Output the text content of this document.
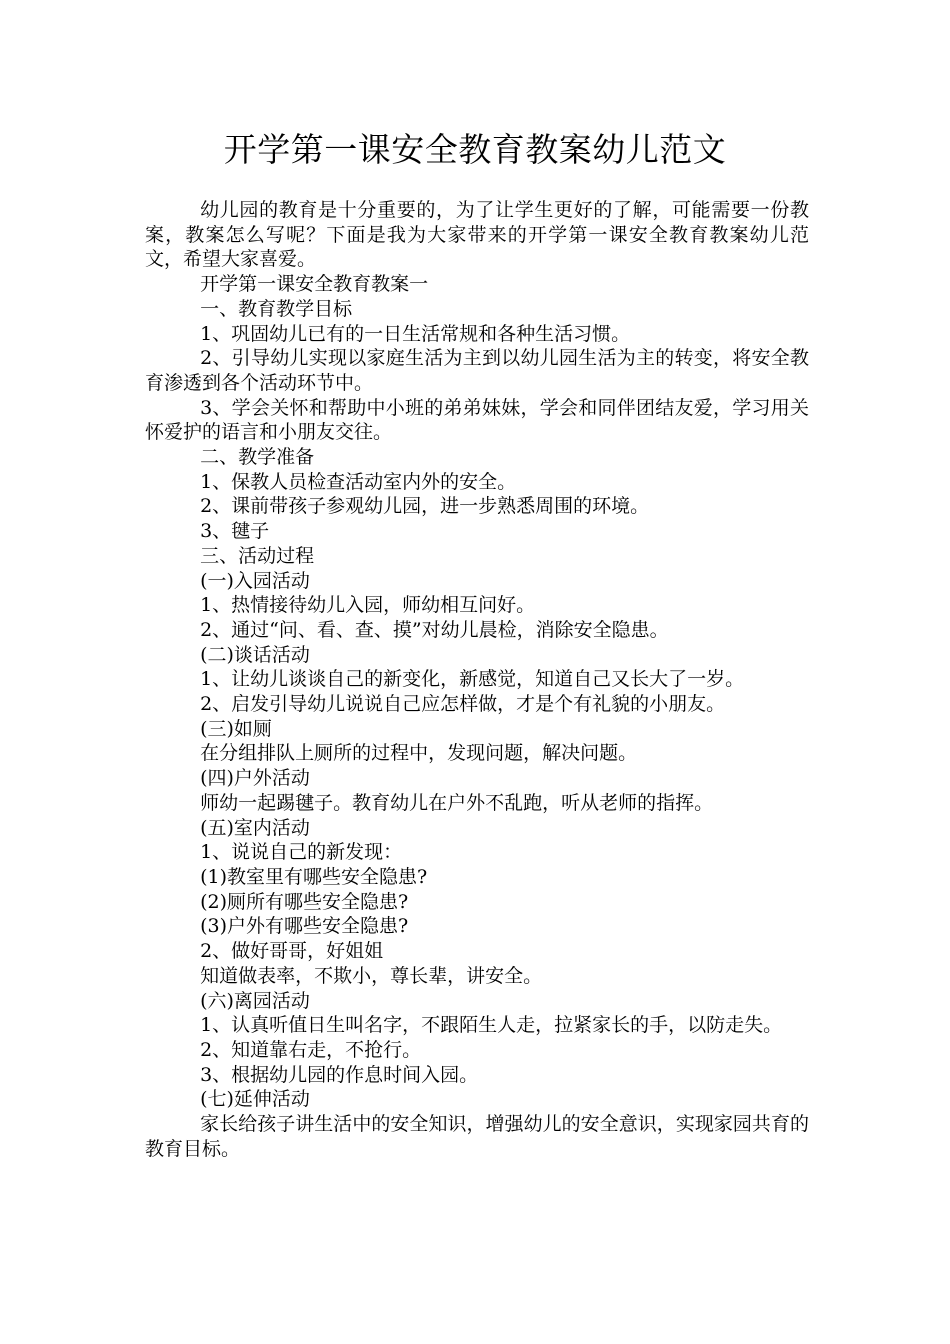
开学第一课安全教育教案幼儿范文

幼儿园的教育是十分重要的，为了让学生更好的了解，可能需要一份教案，教案怎么写呢？下面是我为大家带来的开学第一课安全教育教案幼儿范文，希望大家喜爱。

开学第一课安全教育教案一

一、教育教学目标

1、巩固幼儿已有的一日生活常规和各种生活习惯。

2、引导幼儿实现以家庭生活为主到以幼儿园生活为主的转变，将安全教育渗透到各个活动环节中。

3、学会关怀和帮助中小班的弟弟妹妹，学会和同伴团结友爱，学习用关怀爱护的语言和小朋友交往。

二、教学准备

1、保教人员检查活动室内外的安全。

2、课前带孩子参观幼儿园，进一步熟悉周围的环境。

3、毽子

三、活动过程

(一)入园活动

1、热情接待幼儿入园，师幼相互问好。

2、通过“问、看、查、摸”对幼儿晨检，消除安全隐患。

(二)谈话活动

1、让幼儿谈谈自己的新变化，新感觉，知道自己又长大了一岁。

2、启发引导幼儿说说自己应怎样做，才是个有礼貌的小朋友。

(三)如厕

在分组排队上厕所的过程中，发现问题，解决问题。

(四)户外活动

师幼一起踢毽子。教育幼儿在户外不乱跑，听从老师的指挥。

(五)室内活动

1、说说自己的新发现：

(1)教室里有哪些安全隐患?

(2)厕所有哪些安全隐患?

(3)户外有哪些安全隐患?

2、做好哥哥，好姐姐

知道做表率，不欺小，尊长辈，讲安全。

(六)离园活动

1、认真听值日生叫名字，不跟陌生人走，拉紧家长的手，以防走失。

2、知道靠右走，不抢行。

3、根据幼儿园的作息时间入园。

(七)延伸活动

家长给孩子讲生活中的安全知识，增强幼儿的安全意识，实现家园共育的教育目标。
